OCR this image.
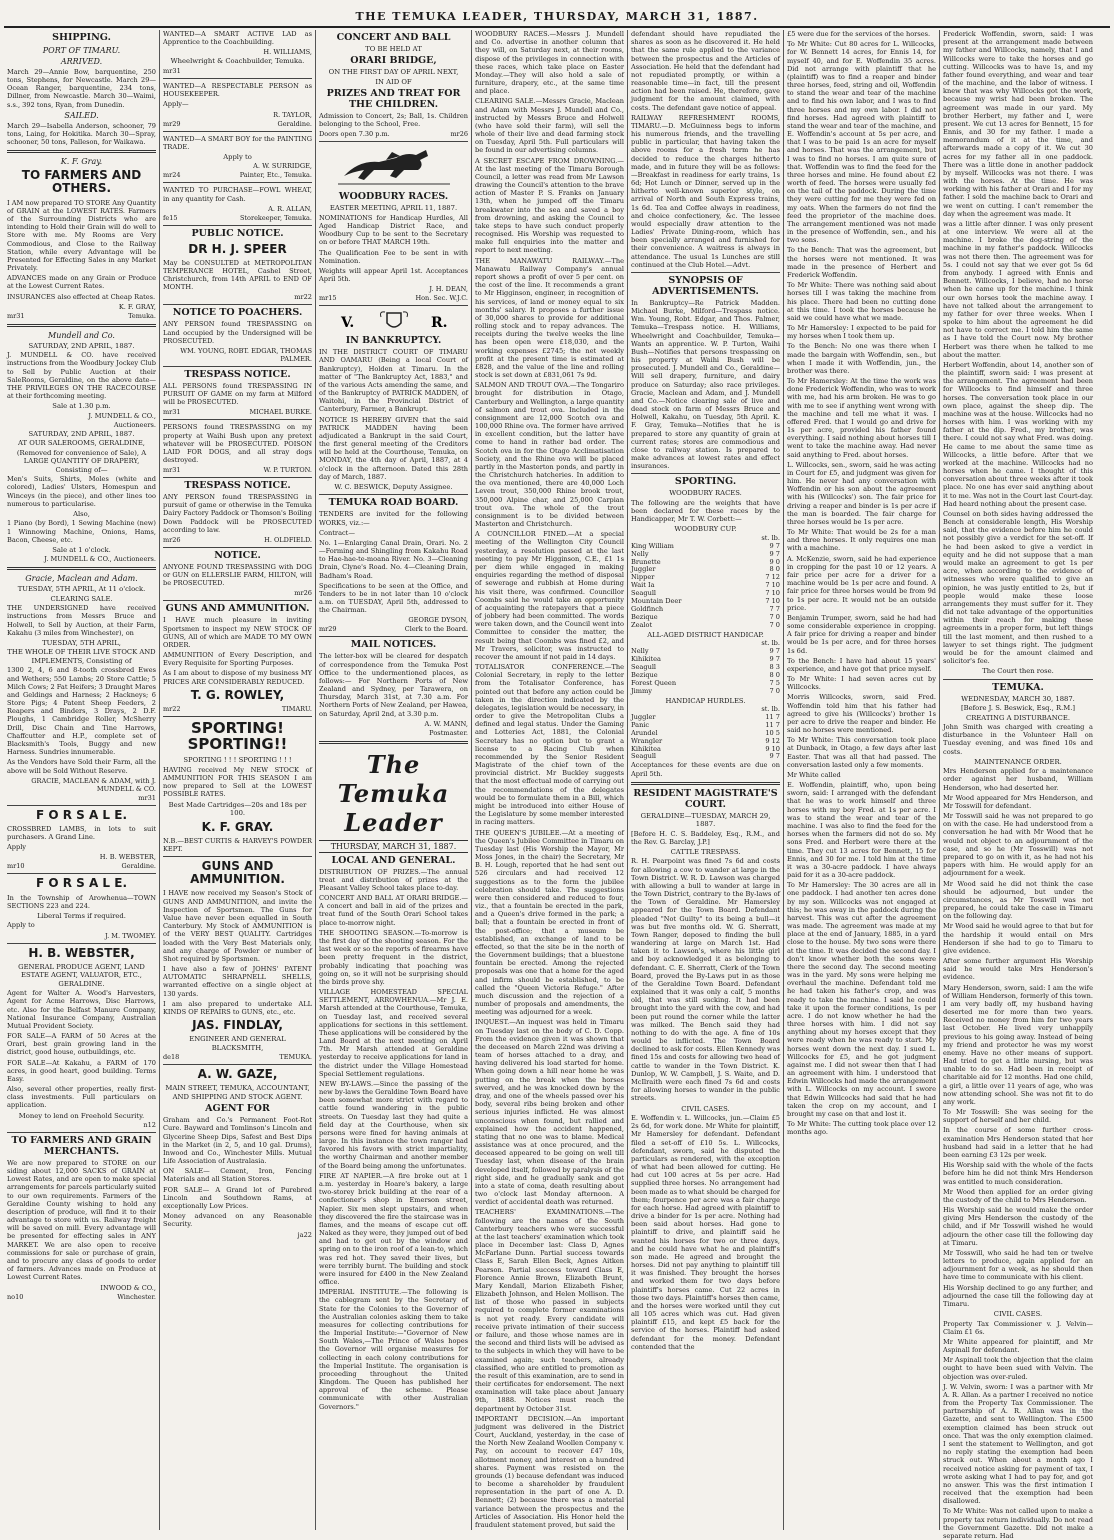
THE TEMUKA LEADER, THURSDAY, MARCH 31, 1887.
SHIPPING.
PORT OF TIMARU.
ARRIVED.
March 29—Annie Bow, barquentine, 250 tons, Stephens, for Newcastle. March 29—Ocean Ranger, barquentine, 234 tons, Dillner, from Newcastle. March 30—Waimi, s.s., 392 tons, Ryan, from Dunedin.
SAILED.
March 29—Isabella Anderson, schooner, 79 tons, Laing, for Hokitika. March 30—Spray, schooner, 50 tons, Palleson, for Waikawa.
K. F. Gray.
TO FARMERS AND OTHERS.
I AM now prepared TO STORE Any Quantity of GRAIN at the LOWEST RATES. Farmers of the Surrounding Districts who are intending to Hold their Grain will do well to Store with me. My Rooms are Very Commodious, and Close to the Railway Station, while every Advantage will be Presented for Effecting Sales in any Market Privately.
ADVANCES made on any Grain or Produce at the Lowest Current Rates.
INSURANCES also effected at Cheap Rates.
K. F. GRAY,
mr31	Temuka.
Mundell and Co.
SATURDAY, 2ND APRIL, 1887.
J. MUNDELL & CO. have received instructions from the Woodbury Jockey Club to Sell by Public Auction at their SaleRooms, Geraldine, on the above date— THE PRIVILEGES ON THE RACECOURSE at their forthcoming meeting.
Sale at 1.30 p.m.
J. MUNDELL & CO.,
Auctioneers.
SATURDAY, 2ND APRIL, 1887.
AT OUR SALEROOMS, GERALDINE,
(Removed for convenience of Sale), A LARGE QUANTITY OF DRAPERY, Consisting of—
Men's Suits, Shirts, Moles (white and colored), Ladies' Ulsters, Homespun and Winceys (in the piece), and other lines too numerous to particularise.
Also,
1 Piano (by Bord), 1 Sewing Machine (new) 1 Winnowing Machine, Onions, Hams, Bacon, Cheese, etc.
Sale at 1 o'clock.
J. MUNDELL & CO., Auctioneers.
Gracie, Maclean and Adam.
TUESDAY, 5TH APRIL, At 11 o'clock.
CLEARING SALE.
THE UNDERSIGNED have received instructions from Messrs Bruce and Holwell, to Sell by Auction, at their Farm, Kakahu (3 miles from Winchester), on
TUESDAY, 5TH APRIL,
THE WHOLE OF THEIR LIVE STOCK AND IMPLEMENTS, Consisting of
1300 2, 4, 6 and 8-tooth crossbred Ewes and Wethers; 550 Lambs; 20 Store Cattle; 5 Milch Cows; 2 Fat Heifers; 3 Draught Mares and Geldings and Harness; 2 Hackneys; 6 Store Pigs; 4 Patent Sheep Feeders, 2 Reapers and Binders, 3 Drays, 2 D.F. Ploughs, 1 Cambridge Roller, McSherry Drill, Disc Chain and Tine Harrows, Chaffcutter and H.P., complete set of Blacksmith's Tools, Buggy and new Harness. Sundries innumerable.
As the Vendors have Sold their Farm, all the above will be Sold Without Reserve.
GRACIE, MACLEAN & ADAM, with J. MUNDELL & CO.
mr31
F O R S A L E.
CROSSBRED LAMBS, in lots to suit purchasers. A Grand Line.
Apply
H. B. WEBSTER,
mr10	Geraldine.
F O R S A L E.
In the Township of Arowhenua—TOWN SECTIONS 223 and 224.
Liberal Terms if required.
Apply to
J. M. TWOMEY.
H. B. WEBSTER,
GENERAL PRODUCE AGENT, LAND ESTATE AGENT, VALUATOR, ETC., GERALDINE.
Agent for Walter A. Wood's Harvesters, Agent for Acme Harrows, Disc Harrows, etc. Also for the Belfast Manure Company, National Insurance Company, Australian Mutual Provident Society.
FOR SALE—A FARM of 50 Acres at the Orari, best grain growing land in the district, good house, outbuildings, etc.
FOR SALE—At Kakahu, a FARM of 170 acres, in good heart, good building. Terms Easy.
Also, several other properties, really first-class investments. Full particulars on application.
Money to lend on Freehold Security.
n12
TO FARMERS AND GRAIN MERCHANTS.
We are now prepared to STORE on our siding about 12,000 SACKS of GRAIN at Lowest Rates, and are open to make special arrangements for parcels particularly suited to our own requirements. Farmers of the Geraldine County wishing to hold any description of produce, will find it to their advantage to store with us. Railway freight will be saved on mill. Every advantage will be presented for effecting sales in ANY MARKET. We are also open to receive commissions for sale or purchase of grain, and to procure any class of goods to order of farmers. Advances made on Produce at Lowest Current Rates.
INWOOD & CO.,
no10	Winchester.
WANTED—A SMART ACTIVE LAD as Apprentice to the Coachbuilding.
H. WILLIAMS,
Wheelwright & Coachbuilder, Temuka.
mr31
WANTED—A RESPECTABLE PERSON as HOUSEKEEPER.
Apply—
R. TAYLOR,
mr29	Geraldine.
WANTED—A SMART BOY for the PAINTING TRADE.
Apply to
A. W. SURRIDGE,
mr24	Painter, Etc., Temuka.
WANTED TO PURCHASE—FOWL WHEAT, in any quantity for Cash.
A. R. ALLAN,
fe15	Storekeeper, Temuka.
PUBLIC NOTICE.
DR H. J. SPEER
May be CONSULTED at METROPOLITAN TEMPERANCE HOTEL, Cashel Street, Christchurch, from 14th APRIL to END OF MONTH.
mr22
NOTICE TO POACHERS.
ANY PERSON found TRESPASSING on Land occupied by the Undersigned will be PROSECUTED.
WM. YOUNG, ROBT. EDGAR, THOMAS PALMER.
TRESPASS NOTICE.
ALL PERSONS found TRESPASSING IN PURSUIT OF GAME on my farm at Milford will be PROSECUTED.
mr31	MICHAEL BURKE.
PERSONS found TRESPASSING on my property at Waihi Bush upon any pretext whatever will be PROSECUTED. POISON LAID FOR DOGS, and all stray dogs destroyed.
mr31	W. P. TURTON.
TRESPASS NOTICE.
ANY PERSON found TRESPASSING in pursuit of game or otherwise in the Temuka Dairy Factory Paddock or Thomson's Boiling Down Paddock will be PROSECUTED according to law.
mr26	H. OLDFIELD.
NOTICE.
ANYONE FOUND TRESPASSING with DOG or GUN on ELLERSLIE FARM, HILTON, will be PROSECUTED.
mr26
GUNS AND AMMUNITION.
I HAVE much pleasure in inviting Sportsmen to inspect my NEW STOCK OF GUNS, All of which are MADE TO MY OWN ORDER.
AMMUNITION of Every Description, and Every Requisite for Sporting Purposes.
As I am about to dispose of my business MY PRICES ARE CONSIDERABLY REDUCED.
T. G. ROWLEY,
mr22	TIMARU.
SPORTING! SPORTING!!
SPORTING ! ! ! SPORTING ! ! !
HAVING received My NEW STOCK of AMMUNITION FOR THIS SEASON I am now prepared to Sell at the LOWEST POSSIBLE RATES.
Best Made Cartridges—20s and 18s per 100.
K. F. GRAY.
N.B.—BEST CURTIS & HARVEY'S POWDER KEPT.
GUNS AND AMMUNITION.
I HAVE now received my Season's Stock of GUNS AND AMMUNITION, and invite the Inspection of Sportsmen. The Guns for Value have never been equalled in South Canterbury. My Stock of AMMUNITION is of the VERY BEST QUALITY. Cartridges loaded with the Very Best Materials only, and any charge of Powder or number of Shot required by Sportsmen.
I have also a few of JOHNS' PATENT AUTOMATIC SHRAPNELL SHELLS, warranted effective on a single object at 130 yards.
I am also prepared to undertake ALL KINDS OF REPAIRS to GUNS, etc., etc.
JAS. FINDLAY,
ENGINEER AND GENERAL BLACKSMITH,
de18	TEMUKA.
A. W. GAZE,
MAIN STREET, TEMUKA, ACCOUNTANT, AND SHIPPING AND STOCK AGENT.
AGENT FOR
Graham and Co.'s Permanent Foot-Rot Cure. Bayward and Tomlinson's Lincoln and Glycerine Sheep Dips, Safest and Best Dips in the Market (in 2, 5, and 10 gal. Drums), Inwood and Co., Winchester Mills. Mutual Life Association of Australasia.
ON SALE— Cement, Iron, Fencing Materials and all Station Stores.
FOR SALE— A Grand lot of Purebred Lincoln and Southdown Rams, at exceptionally Low Prices.
Money advanced on any Reasonable Security.
ja22
CONCERT AND BALL
TO BE HELD AT
ORARI BRIDGE,
ON THE FIRST DAY OF APRIL NEXT,
IN AID OF
PRIZES AND TREAT FOR THE CHILDREN.
Admission to Concert, 2s; Ball, 1s. Children belonging to the School, Free.
Doors open 7.30 p.m.	mr26
WOODBURY RACES.
EASTER MEETING, APRIL 11, 1887.
NOMINATIONS for Handicap Hurdles, All Aged Handicap District Race, and Woodbury Cup to be sent to the Secretary on or before THAT MARCH 19th.
The Qualification Fee to be sent in with Nomination.
Weights will appear April 1st. Acceptances April 5th.
J. H. DEAN,
mr15	Hon. Sec. W.J.C.
V.	R.
IN BANKRUPTCY.
IN THE DISTRICT COURT OF TIMARU AND OAMARU (Being a local Court of Bankruptcy), Holden at Timaru. In the matter of "The Bankruptcy Act, 1883," and of the various Acts amending the same, and of the Bankruptcy of PATRICK MADDEN, of Waitohi, in the Provincial District of Canterbury, Farmer, a Bankrupt.
NOTICE IS HEREBY GIVEN that the said PATRICK MADDEN having been adjudicated a Bankrupt in the said Court, the first general meeting of the Creditors will be held at the Courthouse, Temuka, on MONDAY, the 4th day of April, 1887, at 4 o'clock in the afternoon. Dated this 28th day of March, 1887.
W. C. BESWICK, Deputy Assignee.
TEMUKA ROAD BOARD.
TENDERS are invited for the following WORKS, viz.:—
Contract—
No. 1—Enlarging Canal Drain, Orari. No. 2—Forming and Shingling from Kakahu Road to Hae-hae-te-moana River. No. 3—Cleaning Drain, Clyne's Road. No. 4—Cleaning Drain, Badham's Road.
Specifications to be seen at the Office, and Tenders to be in not later than 10 o'clock a.m. on TUESDAY, April 5th, addressed to the Chairman.
GEORGE DYSON,
mr29	Clerk to the Board.
MAIL NOTICES.
The letter-box will be cleared for despatch of correspondence from the Temuka Post Office to the undermentioned places, as follows:— For Northern Ports of New Zealand and Sydney, per Tarawera, on Thursday, March 31st, at 7.30 a.m. For Northern Ports of New Zealand, per Hawea, on Saturday, April 2nd, at 3.30 p.m.
A. W. MANN,
Postmaster.
The Temuka Leader
THURSDAY, MARCH 31, 1887.
LOCAL AND GENERAL.
DISTRIBUTION OF PRIZES.—The annual treat and distribution of prizes at the Pleasant Valley School takes place to-day.
CONCERT AND BALL AT ORARI BRIDGE.—A concert and ball in aid of the prizes and treat fund of the South Orari School takes place to-morrow night.
THE SHOOTING SEASON.—To-morrow is the first day of the shooting season. For the last week or so the reports of firearms have been pretty frequent in the district, probably indicating that poaching was going on, so it will not be surprising should the birds prove shy.
VILLAGE HOMESTEAD SPECIAL SETTLEMENT, ARROWHENUA.—Mr J. E. Marsh attended at the Courthouse, Temuka, on Tuesday last, and received several applications for sections in this settlement. These applications will be considered by the Land Board at the next meeting on April 7th. Mr Marsh attended at Geraldine yesterday to receive applications for land in the district under the Village Homestead Special Settlement regulations.
NEW BY-LAWS.—Since the passing of the new by-laws the Geraldine Town Board have been somewhat more strict with regard to cattle found wandering in the public streets. On Tuesday last they had quite a field day at the Courthouse, when six persons were fined for having animals at large. In this instance the town ranger had favored his favors with strict impartiality, the worthy Chairman and another member of the Board being among the unfortunates.
FIRE AT NAPIER.—A fire broke out at 1 a.m. yesterday in Hoare's bakery, a large two-storey brick building at the rear of a confectioner's shop in Emerson street, Napier. Six men slept upstairs, and when they discovered the fire the staircase was in flames, and the means of escape cut off. Naked as they were, they jumped out of bed and had to get out by the window and spring on to the iron roof of a lean-to, which was red hot. They saved their lives, but were terribly burnt. The building and stock were insured for £400 in the New Zealand office.
IMPERIAL INSTITUTE.—The following is the cablegram sent by the Secretary of State for the Colonies to the Governor of the Australian colonies asking them to take measures for collecting contributions for the Imperial Institute:—"Governor of New South Wales,—The Prince of Wales hopes the Governor will organise measures for collecting in each colony contributions for the Imperial Institute. The organisation is proceeding throughout the United Kingdom. The Queen has published her approval of the scheme. Please communicate with other Australian Governors."
WOODBURY RACES.—Messrs J. Mundell and Co. advertise in another column that they will, on Saturday next, at their rooms, dispose of the privileges in connection with these races, which take place on Easter Monday.—They will also hold a sale of furniture, drapery, etc., at the same time and place.
CLEARING SALE.—Messrs Gracie, Maclean and Adam with Messrs J. Mundell and Co., instructed by Messrs Bruce and Holwell (who have sold their farm), will sell the whole of their live and dead farming stock on Tuesday, April 5th. Full particulars will be found in our advertising columns.
A SECRET ESCAPE FROM DROWNING.—At the last meeting of the Timaru Borough Council, a letter was read from Mr Lawson drawing the Council's attention to the brave action of Master P. S. Franks on January 13th, when he jumped off the Timaru breakwater into the sea and saved a boy from drowning, and asking the Council to take steps to have such conduct properly recognised. His Worship was requested to make full enquiries into the matter and report to next meeting.
THE MANAWATU RAILWAY.—The Manawatu Railway Company's annual report shows a profit of over 5 per cent. on the cost of the line. It recommends a grant to Mr Higginson, engineer, in recognition of his services, of land or money equal to six months' salary. It proposes a further issue of 30,000 shares to provide for additional rolling stock and to repay advances. The receipts during the twelve weeks the line has been open were £18,030, and the working expenses £2745; the net weekly profit at the present time is estimated at £828, and the value of the line and rolling stock is set down at £831,061 7s 9d.
SALMON AND TROUT OVA.—The Tongariro brought for distribution in Otago, Canterbury and Wellington, a large quantity of salmon and trout ova. Included in the consignment are 12,000 Scotch ova and 100,000 Rhine ova. The former have arrived in excellent condition, but the latter have come to hand in rather bad order. The Scotch ova in for the Otago Acclimatisation Society, and the Rhine ova will be placed partly in the Masterton ponds, and partly in the Christchurch hatcheries. In addition to the ova mentioned, there are 40,000 Loch Leven trout, 350,000 Rhine brook trout, 350,000 Alpine char, and 25,000 Carpian trout ova. The whole of the trout consignment is to be divided between Masterton and Christchurch.
A COUNCILLOR FINED.—At a special meeting of the Wellington City Council yesterday, a resolution passed at the last meeting to pay Mr Higginson, C.E., £1 1s per diem while engaged in making enquiries regarding the method of disposal of sewerage and rubbish at Home during his visit there, was confirmed. Councillor Coombs said he would take an opportunity of acquainting the ratepayers that a piece of jobbery had been committed. The words were taken down, and the Council went into Committee to consider the matter, the result being that Coombs was fined £2, and Mr Travers, solicitor, was instructed to recover the amount if not paid in 14 days.
TOTALISATOR CONFERENCE.—The Colonial Secretary, in reply to the letter from the Totalisator Conference, has pointed out that before any action could be taken in the direction indicated by the delegates, legislation would be necessary, in order to give the Metropolitan Clubs a defined and legal status. Under the Gaming and Lotteries Act, 1881, the Colonial Secretary has no option but to grant a license to a Racing Club when recommended by the Senior Resident Magistrate of the chief town of the provincial district. Mr Buckley suggests that the most effectual mode of carrying out the recommendations of the delegates would be to formulate them in a Bill, which might be introduced into either House of the Legislature by some member interested in racing matters.
THE QUEEN'S JUBILEE.—At a meeting of the Queen's Jubilee Committee in Timaru on Tuesday last (His Worship the Mayor, Mr Moss Jones, in the chair) the Secretary, Mr B. H. Lough, reported that he had sent out 526 circulars and had received 12 suggestions as to the form the jubilee celebration should take. The suggestions were then considered and reduced to four, viz., that a fountain be erected in the park, and a Queen's drive formed in the park; a ball; that a fountain be erected in front of the post-office; that a museum be established, an exchange of land to be effected, so that the site be in the north of the Government buildings; that a bluestone fountain be erected. Among the rejected proposals was one that a home for the aged and infirm should be established, to be called the "Queen Victoria Refuge." After much discussion and the rejection of a number of proposals and amendments, the meeting was adjourned for a week.
INQUEST.—An inquest was held in Timaru on Tuesday last on the body of C. D. Copp. From the evidence given it was shown that the deceased on March 22nd was driving a team of horses attached to a dray, and having delivered his load started for home. When going down a hill near home he was putting on the break when the horses swerved, and he was knocked down by the dray, and one of the wheels passed over his body, several ribs being broken and other serious injuries inflicted. He was almost unconscious when found, but rallied and explained how the accident happened, stating that no one was to blame. Medical assistance was at once procured, and the deceased appeared to be going on well till Tuesday last, when disease of the brain developed itself, followed by paralysis of the right side, and he gradually sank and got into a state of coma, death resulting about two o'clock last Monday afternoon. A verdict of accidental death was returned.
TEACHERS' EXAMINATIONS.—The following are the names of the South Canterbury teachers who were successful at the last teachers' examination which took place in December last: Class D, Agnes McFarlane Dunn. Partial success towards Class E, Sarah Ellen Beck, Agnes Aitken Pearson. Partial success toward Class E, Florence Annie Brown, Elizabeth Brunt, Mary Kendall, Marion Elizabeth Fisher, Elizabeth Johnson, and Helen Mollison. The list of those who passed in subjects required to complete former examinations is not yet ready. Every candidate will receive private intimation of their success or failure, and those whose names are in the second and third lists will be advised as to the subjects in which they will have to be examined again; such teachers, already classified, who are entitled to promotion as the result of this examination, are to send in their certificates for endorsement. The next examination will take place about January 9th, 1888. Notices must reach the department by October 31st.
IMPORTANT DECISION.—An important judgment was delivered in the District Court, Auckland, yesterday, in the case of the North New Zealand Woollen Company v. Pay, on account to recover £47 10s, allotment money, and interest on a hundred shares. Payment was resisted on the grounds (1) because defendant was induced to become a shareholder by fraudulent representation in the part of one A. D. Bennett; (2) because there was a material variance between the prospectus and the Articles of Association. His Honor held the fraudulent statement proved, but said the
defendant should have repudiated the shares as soon as he discovered it. He held that the same rule applied to the variance between the prospectus and the Articles of Association. He held that the defendant had not repudiated promptly, or within a reasonable time—in fact, till the present action had been raised. He, therefore, gave judgment for the amount claimed, with costs. The defendant gave notice of appeal.
RAILWAY REFRESHMENT ROOMS, TIMARU.—D. McGuinness begs to inform his numerous friends, and the travelling public in particular, that having taken the above rooms for a fresh term he has decided to reduce the charges hitherto made, and in future they will be as follows:—Breakfast in readiness for early trains, 1s 6d; Hot Lunch or Dinner, served up in the hitherto well-known superior style, on arrival of North and South Express trains, 1s 6d. Tea and Coffee always in readiness, and choice confectionery, &c. The lessee would especially draw attention to the Ladies' Private Dining-room, which has been specially arranged and furnished for their convenience. A waitress is always in attendance. The usual 1s Lunches are still continued at the Club Hotel.—Advt.
SYNOPSIS OF ADVERTISEMENTS.
In Bankruptcy—Re Patrick Madden. Michael Burke, Milford—Trespass notice. Wm. Young, Robt. Edgar, and Thos. Palmer, Temuka—Trespass notice. H. Williams, Wheelwright and Coachbuilder, Temuka—Wants an apprentice. W. P. Turton, Waihi Bush—Notifies that persons trespassing on his property at Waihi Bush will be prosecuted. J. Mundell and Co., Geraldine—Will sell drapery, furniture, and dairy produce on Saturday; also race privileges. Gracie, Maclean and Adam, and J. Mundell and Co.—Notice clearing sale of live and dead stock on farm of Messrs Bruce and Holwell, Kakahu, on Tuesday, 5th April. K. F. Gray, Temuka—Notifies that he is prepared to store any quantity of grain at current rates; stores are commodious and close to railway station. Is prepared to make advances at lowest rates and effect insurances.
SPORTING.
WOODBURY RACES.
The following are the weights that have been declared for these races by the Handicapper, Mr T. W. Corbett:—
WOODBURY CUP.
	st. lb.
King William	9 7
Nelly	9 7
Brunette	9 0
Juggler	8 0
Nipper	7 12
Wait Ia	7 10
Seagull	7 10
Mountain Deer	7 10
Goldfinch	7 7
Bezique	7 0
Zealot	7 0
ALL-AGED DISTRICT HANDICAP.
	st. lb.
Nelly	9 7
Kihikitea	9 7
Seagull	8 3
Bezique	8 0
Forest Queen	7 5
Jimmy	7 0
HANDICAP HURDLES.
	st. lb.
Juggler	11 7
Panic	11 7
Arundel	10 5
Wrangler	9 12
Kihikitea	9 10
Seagull	9 7
Acceptances for these events are due on April 5th.
RESIDENT MAGISTRATE'S COURT.
GERALDINE—TUESDAY, MARCH 29, 1887.
[Before H. C. S. Baddeley, Esq., R.M., and the Rev. G. Barclay, J.P.]
CATTLE TRESPASS.
R. H. Pearpoint was fined 7s 6d and costs for allowing a cow to wander at large in the Town District. W. R. D. Lawson was charged with allowing a bull to wander at large in the Town District, contrary to the By-laws of the Town of Geraldine. Mr Hamersley appeared for the Town Board. Defendant pleaded "Not Guilty" to its being a bull—it was but five months old. W. G. Sherratt, Town Ranger, deposed to finding the bull wandering at large on March 1st. Had taken it to Lawson's, where his little girl and boy acknowledged it as belonging to defendant. C. E. Sherratt, Clerk of the Town Board, proved the By-Laws put in as those of the Geraldine Town Board. Defendant explained that it was only a calf, 5 months old, that was still sucking. It had been brought into the yard with the cow, and had been put round the corner while the latter was milked. The Bench said they had nothing to do with the age. A fine of 10s would be inflicted. The Town Board declined to ask for costs. Ellen Kennedy was fined 15s and costs for allowing two head of cattle to wander in the Town District. K. Dunlop, W. W. Campbell, J. S. Waite, and D. McIlraith were each fined 7s 6d and costs for allowing horses to wander in the public streets.
CIVIL CASES.
E. Woffendin v. L. Willcocks, jun.—Claim £5 2s 6d, for work done. Mr White for plaintiff, Mr Hamersley for defendant. Defendant filed a set-off of £10 5s. L. Willcocks, defendant, sworn, said he disputed the particulars as rendered, with the exception of what had been allowed for cutting. He had cut 100 acres at 5s per acre. Had supplied three horses. No arrangement had been made as to what should be charged for them; fourpence per acre was a fair charge for each horse. Had agreed with plaintiff to drive a binder for 1s per acre. Nothing had been said about horses. Had gone to plaintiff to drive, and plaintiff said he wanted his horses for two or three days, and he could have what he and plaintiff's son made. He agreed and brought the horses. Did not pay anything to plaintiff till it was finished. They brought the horses and worked them for two days before plaintiff's horses came. Cut 22 acres in those two days. Plaintiff's horses then came, and the horses were worked until they cut all 105 acres which was cut. Had given plaintiff £15, and kept £5 back for the service of the horses. Plaintiff had asked defendant for the money. Defendant contended that the
£5 were due for the services of the horses.
To Mr White: Cut 80 acres for L. Willcocks, for W. Bennett 14 acres, for Ennis 14, for myself 40, and for E. Woffendin 35 acres. Did not arrange with plaintiff that he (plaintiff) was to find a reaper and binder three horses, feed, string and oil, Woffendin to stand the wear and tear of the machine and to find his own labor, and I was to find three horses and my own labor. I did not find horses. Had agreed with plaintiff to stand the wear and tear of the machine, and E. Woffendin's account at 5s per acre, and that I was to be paid 1s an acre for myself and horses. That was the arrangement, but I was to find no horses. I am quite sure of that. Woffendin was to find the feed for the three horses and mine. He found about £2 worth of feed. The horses were usually fed on the tail of the paddock. During the time they were cutting for me they were fed on my oats. When the farmers do not find the feed the proprietor of the machine does. The arrangement mentioned was not made in the presence of Woffendin, sen., and his two sons.
To the Bench: That was the agreement, but the horses were not mentioned. It was made in the presence of Herbert and Frederick Woffendin.
To Mr White: There was nothing said about horses till I was taking the machine from his place. There had been no cutting done at this time. I took the horses because he said we could have what we made.
To Mr Hamersley: I expected to be paid for my horses when I took them up.
To the Bench: No one was there when I made the bargain with Woffendin, sen., but when I made it with Woffendin, jun., the brother was there.
To Mr Hamersley: At the time the work was done Frederick Woffendin, who was to work with me, had his arm broken. He was to go with me to see if anything went wrong with the machine and tell me what it was. I offered Fred. that I would go and drive for 1s per acre, provided his father found everything. I said nothing about horses till I went to take the machine away. Had never said anything to Fred. about horses.
L. Willcocks, sen., sworn, said he was acting in Court for £5, and judgment was given for him. He never had any conversation with Woffendin or his son about the agreement with his (Willcocks') son. The fair price for driving a reaper and binder is 1s per acre if the man is boarded. The fair charge for three horses would be 1s per acre.
To Mr White: That would be 2s for a man and three horses. It only requires one man with a machine.
A. McKenzie, sworn, said he had experience in cropping for the past 10 or 12 years. A fair price per acre for a driver for a machine would be 1s per acre and found. A fair price for three horses would be from 9d to 1s per acre. It would not be an outside price.
Benjamin Trumper, sworn, said he had had some considerable experience in cropping. A fair price for driving a reaper and binder would be 1s per acre, and for three horses 1s 6d.
To the Bench: I have had about 15 years' experience, and have got that price myself.
To Mr White: I had seven acres cut by Willcocks.
Morris Willcocks, sworn, said Fred. Woffendin told him that his father had agreed to give his (Willcocks') brother 1s per acre to drive the reaper and binder. He said no horses were mentioned.
To Mr White: This conversation took place at Dunback, in Otago, a few days after last Easter. That was all that had passed. The conversation lasted only a few moments.
Mr White called
E. Woffendin, plaintiff, who, upon being sworn, said: I arranged with the defendant that he was to work himself and three horses with my boy Fred. at 1s per acre. I was to stand the wear and tear of the machine. I was also to find the feed for the horses when the farmers did not do so. My sons Fred. and Herbert were there at the time. They cut 13 acres for Bennett, 15 for Ennis, and 30 for me. I told him at the time it was a 30-acre paddock. I have always paid for it as a 30-acre paddock.
To Mr Hamersley: The 30 acres are all in one paddock. I had another ten acres done by my son. Willcocks was not engaged at this; he was away in the paddock during the harvest. This was cut after the agreement was made. The agreement was made at my place at the end of January, 1885, in a yard close to the house. My two sons were there at the time. It was decided the second day. I don't know whether both the sons were there the second day. The second meeting was in the yard. My sons were helping me overhaul the machine. Defendant told me he had taken his father's crop, and was ready to take the machine. I said he could take it upon the former conditions, 1s per acre. I do not know whether he had the three horses with him. I did not say anything about my horses except that they were ready when he was ready to start. My horses went down the next day. I sued L. Willcocks for £5, and he got judgment against me. I did not swear then that I had an agreement with him. I understood that Edwin Willcocks had made the arrangement with L. Willcocks on my account. I swore that Edwin Willcocks had said that he had taken the crop on my account, and I brought my case on that and lost it.
To Mr White: The cutting took place over 12 months ago.
Frederick Woffendin, sworn, said: I was present at the arrangement made between my father and Willcocks, namely, that I and Willcocks were to take the horses and go cutting. Willcocks was to have 1s, and my father found everything, and wear and tear of the machine, and the labor of witness. I knew that was why Willcocks got the work, because my wrist had been broken. The agreement was made in our yard. My brother Herbert, my father and I, were present. We cut 13 acres for Bennett, 15 for Ennis, and 30 for my father. I made a memorandum of it at the time, and afterwards made a copy of it. We cut 30 acres for my father all in one paddock. There was a little done in another paddock by myself. Willcocks was not there. I was with the horses. At the time. He was working with his father at Orari and I for my father. I sold the machine back to Orari and we went on cutting. I can't remember the day when the agreement was made. It
was a little after dinner. I was only present at one interview. We were all at the machine. I broke the dog-string of the machine in my father's paddock. Willcocks was not there then. The agreement was for 5s. I could not say that we ever got 5s 6d from anybody. I agreed with Ennis and Bennett. Willcocks, I believe, had no horse when he came up for the machine. I think our own horses took the machine away. I have not talked about the arrangement to my father for over three weeks. When I spoke to him about the agreement he did not have to correct me. I told him the same as I have told the Court now. My brother Herbert was there when he talked to me about the matter.
Herbert Woffendin, about 14, another son of the plaintiff, sworn said: I was present at the arrangement. The agreement had been for Willcocks to find himself and three horses. The conversation took place in our own place, against the sheep dip. The machine was at the house. Willcocks had no horses with him. I was working with my father at the dip. Fred., my brother, was there. I could not say what Fred. was doing. He came to me about the same time as Willcocks, a little before. After that we worked at the machine. Willcocks had no horses when he came. I thought of this conversation about three weeks after it took place. No one has ever said anything about it to me. Was not in the Court last Court-day. Had heard nothing about the present case.
Counsel on both sides having addressed the Bench at considerable length, His Worship said, that the evidence before him he could not possibly give a verdict for the set-off. If he had been asked to give a verdict in equity and he did not suppose that a man would make an agreement to get 1s per acre, when according to the evidence of witnesses who were qualified to give an opinion, he was justly entitled to 2s, but if people would make these loose arrangements they must suffer for it. They did not take advantage of the opportunities within their reach for making these agreements in a proper form, but left things till the last moment, and then rushed to a lawyer to set things right. The judgment would be for the amount claimed and solicitor's fee.
The Court then rose.
TEMUKA.
WEDNESDAY, MARCH 30, 1887.
[Before J. S. Beswick, Esq., R.M.]
CREATING A DISTURBANCE.
John Smith was charged with creating a disturbance in the Volunteer Hall on Tuesday evening, and was fined 10s and costs.
MAINTENANCE ORDER.
Mrs Henderson applied for a maintenance order against her husband, William Henderson, who had deserted her.
Mr Wood appeared for Mrs Henderson, and Mr Tosswill for defendant.
Mr Tosswill said he was not prepared to go on with the case. He had understood from a conversation he had with Mr Wood that he would not object to an adjournment of the case, and so he (Mr Tosswill) was not prepared to go on with it, as he had not his papers with him. He would apply for an adjournment for a week.
Mr Wood said he did not think the case should be adjourned, but under the circumstances, as Mr Tosswill was not prepared, he could take the case in Timaru on the following day.
Mr Wood said he would agree to that but for the hardship it would entail on Mrs Henderson if she had to go to Timaru to give evidence.
After some further argument His Worship said he would take Mrs Henderson's evidence.
Mary Henderson, sworn, said: I am the wife of William Henderson, formerly of this town. I am very badly off, my husband having deserted me for more than two years. Received no money from him for two years last October. He lived very unhappily previous to his going away. Instead of being my friend and protector he was my worst enemy. Have no other means of support. Had tried to get a little nursing, but was unable to do so. Had been in receipt of charitable aid for 12 months. Had one child, a girl, a little over 11 years of age, who was now attending school. She was not fit to do any work.
To Mr Tosswill: She was seeing for the support of herself and her child.
In the course of some further cross-examination Mrs Henderson stated that her husband had said in a letter that he had been earning £3 12s per week.
His Worship said with the whole of the facts before him he did not think Mrs Henderson was entitled to much consideration.
Mr Wood then applied for an order giving the custody of the child to Mrs Henderson.
His Worship said he would make the order giving Mrs Henderson the custody of the child, and if Mr Tosswill wished he would adjourn the other case till the following day at Timaru.
Mr Tosswill, who said he had ten or twelve letters to produce, again applied for an adjournment for a week, as he should then have time to communicate with his client.
His Worship declined to go any further, and adjourned the case till the following day at Timaru.
CIVIL CASES.
Property Tax Commissioner v. J. Velvin—Claim £1 6s.
Mr White appeared for plaintiff, and Mr Aspinall for defendant.
Mr Aspinall took the objection that the claim ought to have been sued with Velvin. The objection was over-ruled.
J. W. Velvin, sworn: I was a partner with Mr A. R. Allan. As a partner I received no notice from the Property Tax Commissioner. The partnership of A. R. Allan was in the Gazette, and sent to Wellington. The £500 exemption claimed has been struck out once. That was the only exemption claimed. I sent the statement to Wellington, and got no reply stating the exemption had been struck out. When about a month ago I received notice asking for payment of tax, I wrote asking what I had to pay for, and got no answer. This was the first intimation I received that the exemption had been disallowed.
To Mr White: Was not called upon to make a property tax return individually. Do not read the Government Gazette. Did not make a separate return. Had
